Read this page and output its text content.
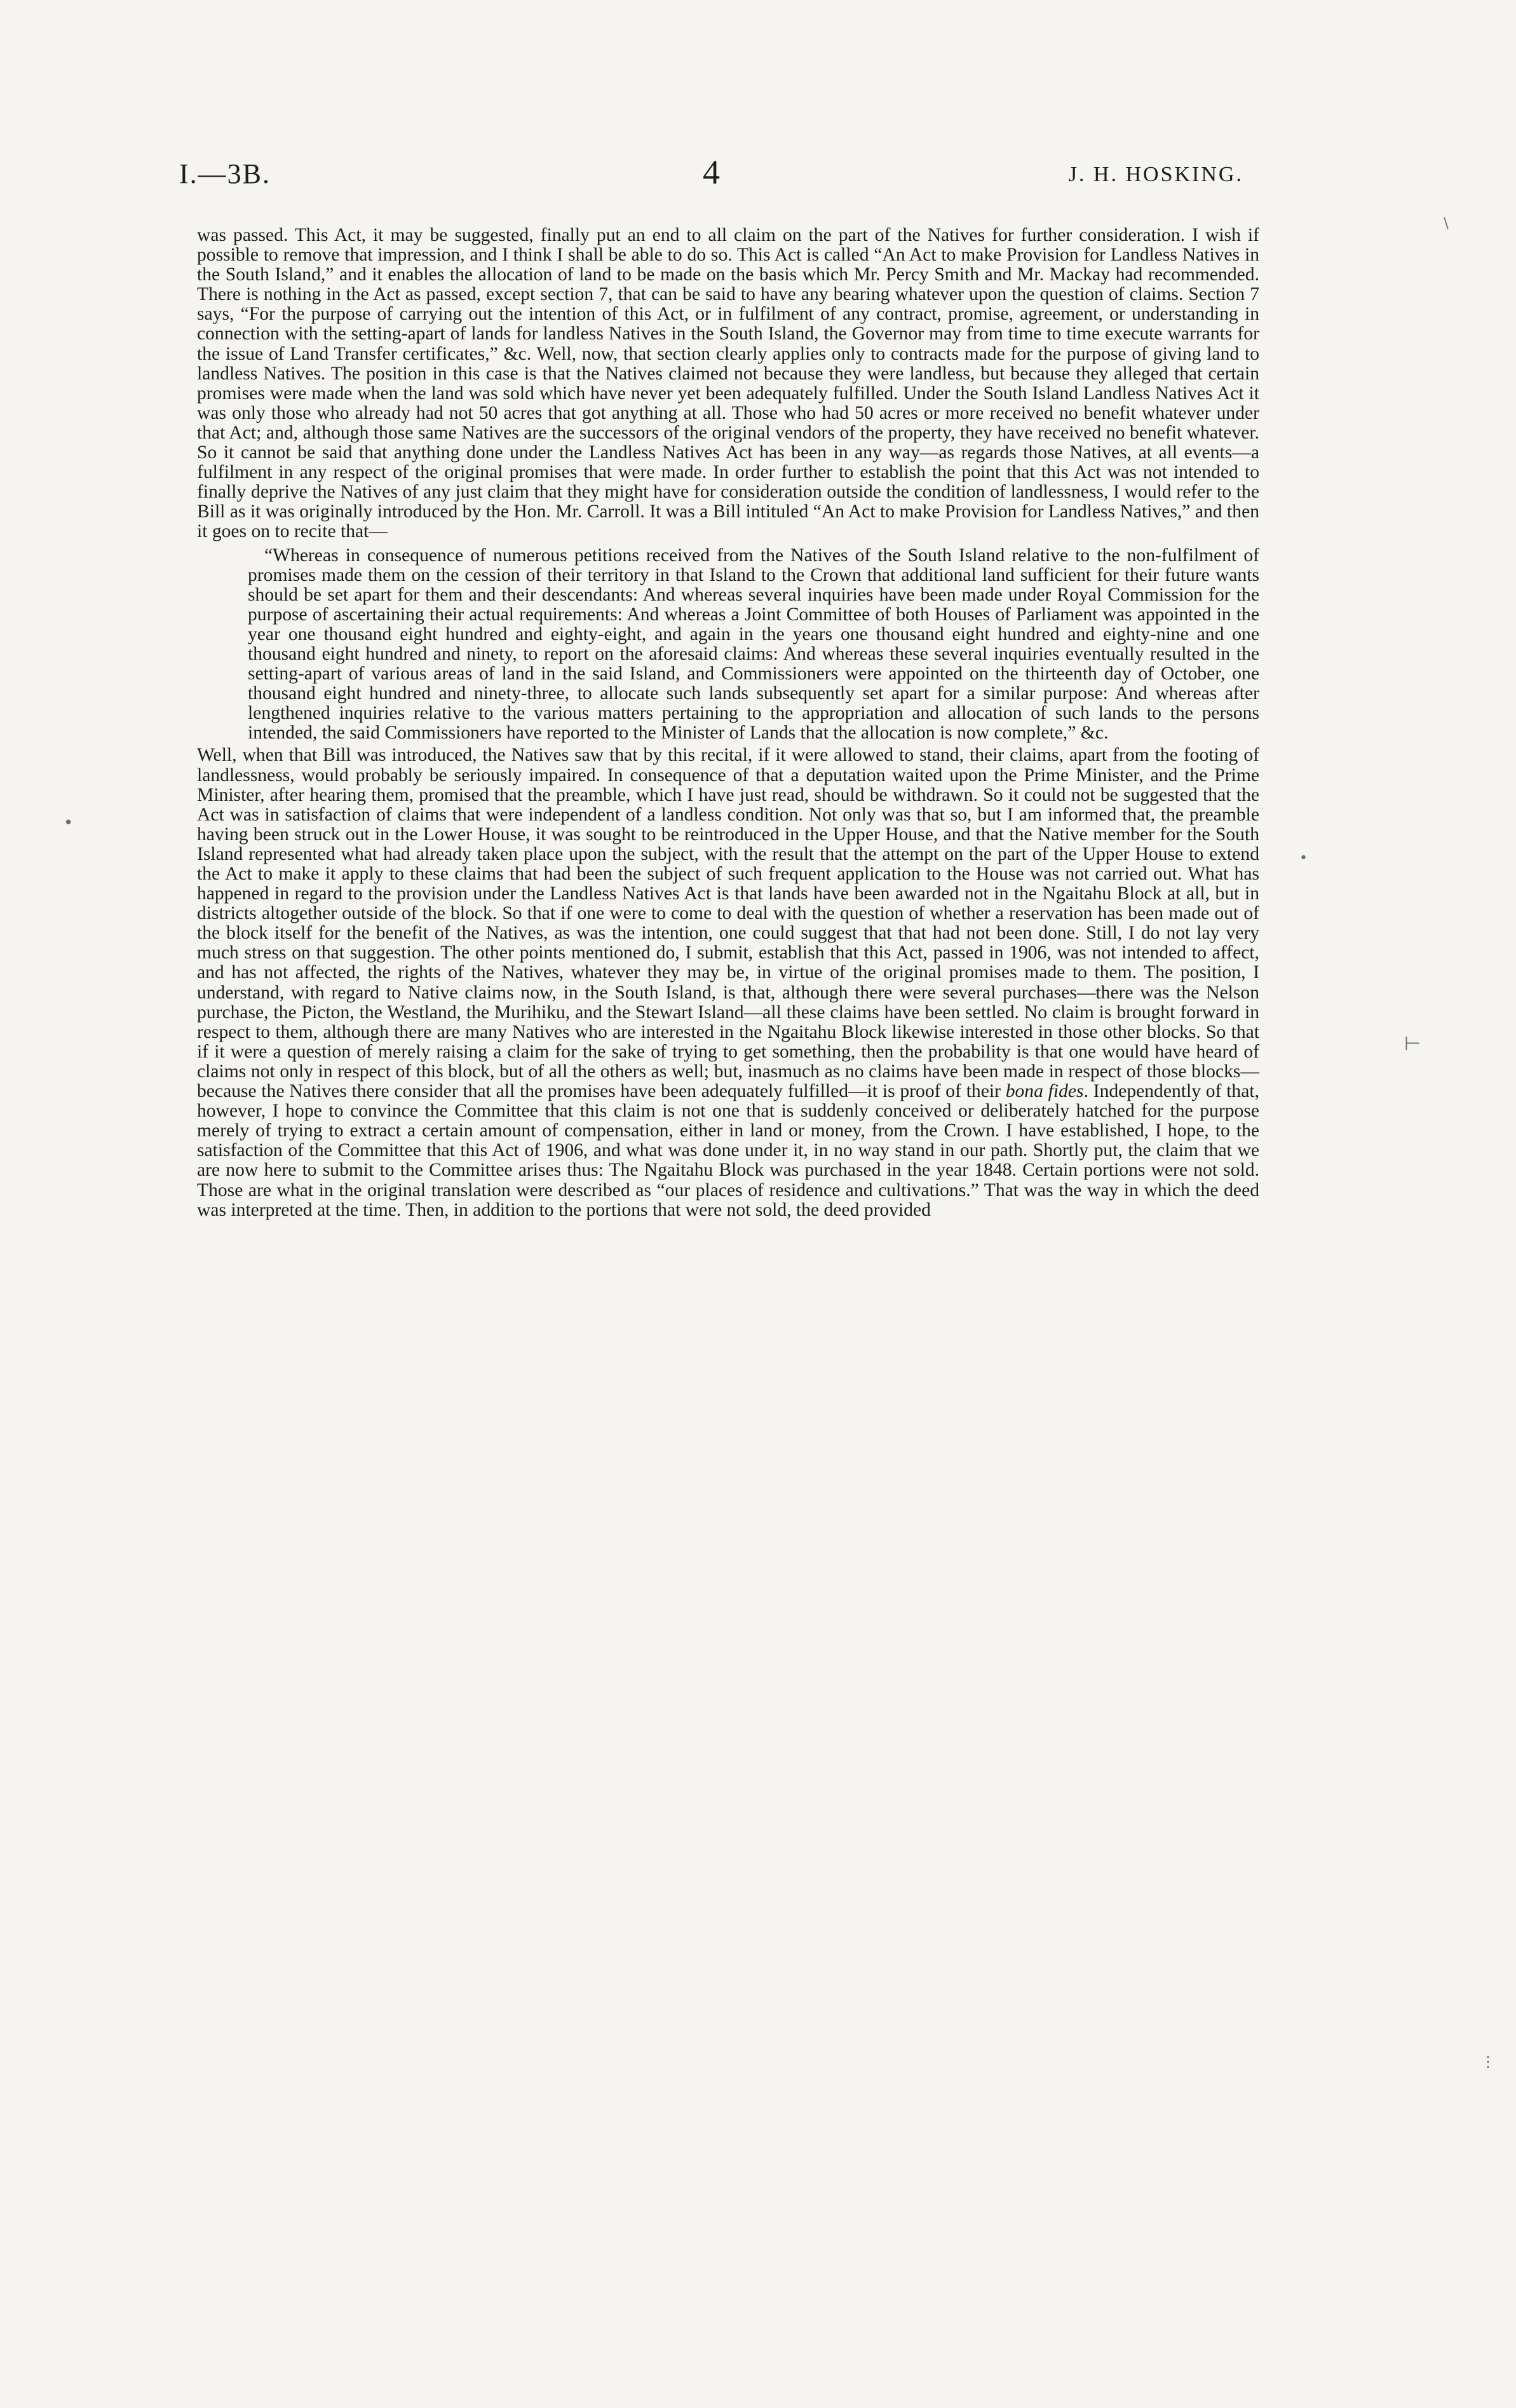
I.—3B.	4	J. H. HOSKING.

was passed. This Act, it may be suggested, finally put an end to all claim on the part of the Natives for further consideration. I wish if possible to remove that impression, and I think I shall be able to do so. This Act is called “An Act to make Provision for Landless Natives in the South Island,” and it enables the allocation of land to be made on the basis which Mr. Percy Smith and Mr. Mackay had recommended. There is nothing in the Act as passed, except section 7, that can be said to have any bearing whatever upon the question of claims. Section 7 says, “For the purpose of carrying out the intention of this Act, or in fulfilment of any contract, promise, agreement, or understanding in connection with the setting-apart of lands for landless Natives in the South Island, the Governor may from time to time execute warrants for the issue of Land Transfer certificates,” &c. Well, now, that section clearly applies only to contracts made for the purpose of giving land to landless Natives. The position in this case is that the Natives claimed not because they were landless, but because they alleged that certain promises were made when the land was sold which have never yet been adequately fulfilled. Under the South Island Landless Natives Act it was only those who already had not 50 acres that got anything at all. Those who had 50 acres or more received no benefit whatever under that Act; and, although those same Natives are the successors of the original vendors of the property, they have received no benefit whatever. So it cannot be said that anything done under the Landless Natives Act has been in any way—as regards those Natives, at all events—a fulfilment in any respect of the original promises that were made. In order further to establish the point that this Act was not intended to finally deprive the Natives of any just claim that they might have for consideration outside the condition of landlessness, I would refer to the Bill as it was originally introduced by the Hon. Mr. Carroll. It was a Bill intituled “An Act to make Provision for Landless Natives,” and then it goes on to recite that—

“Whereas in consequence of numerous petitions received from the Natives of the South Island relative to the non-fulfilment of promises made them on the cession of their territory in that Island to the Crown that additional land sufficient for their future wants should be set apart for them and their descendants: And whereas several inquiries have been made under Royal Commission for the purpose of ascertaining their actual requirements: And whereas a Joint Committee of both Houses of Parliament was appointed in the year one thousand eight hundred and eighty-eight, and again in the years one thousand eight hundred and eighty-nine and one thousand eight hundred and ninety, to report on the aforesaid claims: And whereas these several inquiries eventually resulted in the setting-apart of various areas of land in the said Island, and Commissioners were appointed on the thirteenth day of October, one thousand eight hundred and ninety-three, to allocate such lands subsequently set apart for a similar purpose: And whereas after lengthened inquiries relative to the various matters pertaining to the appropriation and allocation of such lands to the persons intended, the said Commissioners have reported to the Minister of Lands that the allocation is now complete,” &c.

Well, when that Bill was introduced, the Natives saw that by this recital, if it were allowed to stand, their claims, apart from the footing of landlessness, would probably be seriously impaired. In consequence of that a deputation waited upon the Prime Minister, and the Prime Minister, after hearing them, promised that the preamble, which I have just read, should be withdrawn. So it could not be suggested that the Act was in satisfaction of claims that were independent of a landless condition. Not only was that so, but I am informed that, the preamble having been struck out in the Lower House, it was sought to be reintroduced in the Upper House, and that the Native member for the South Island represented what had already taken place upon the subject, with the result that the attempt on the part of the Upper House to extend the Act to make it apply to these claims that had been the subject of such frequent application to the House was not carried out. What has happened in regard to the provision under the Landless Natives Act is that lands have been awarded not in the Ngaitahu Block at all, but in districts altogether outside of the block. So that if one were to come to deal with the question of whether a reservation has been made out of the block itself for the benefit of the Natives, as was the intention, one could suggest that that had not been done. Still, I do not lay very much stress on that suggestion. The other points mentioned do, I submit, establish that this Act, passed in 1906, was not intended to affect, and has not affected, the rights of the Natives, whatever they may be, in virtue of the original promises made to them. The position, I understand, with regard to Native claims now, in the South Island, is that, although there were several purchases—there was the Nelson purchase, the Picton, the Westland, the Murihiku, and the Stewart Island—all these claims have been settled. No claim is brought forward in respect to them, although there are many Natives who are interested in the Ngaitahu Block likewise interested in those other blocks. So that if it were a question of merely raising a claim for the sake of trying to get something, then the probability is that one would have heard of claims not only in respect of this block, but of all the others as well; but, inasmuch as no claims have been made in respect of those blocks—because the Natives there consider that all the promises have been adequately fulfilled—it is proof of their bona fides. Independently of that, however, I hope to convince the Committee that this claim is not one that is suddenly conceived or deliberately hatched for the purpose merely of trying to extract a certain amount of compensation, either in land or money, from the Crown. I have established, I hope, to the satisfaction of the Committee that this Act of 1906, and what was done under it, in no way stand in our path. Shortly put, the claim that we are now here to submit to the Committee arises thus: The Ngaitahu Block was purchased in the year 1848. Certain portions were not sold. Those are what in the original translation were described as “our places of residence and cultivations.” That was the way in which the deed was interpreted at the time. Then, in addition to the portions that were not sold, the deed provided

∖
⊢
•
⋮
•
